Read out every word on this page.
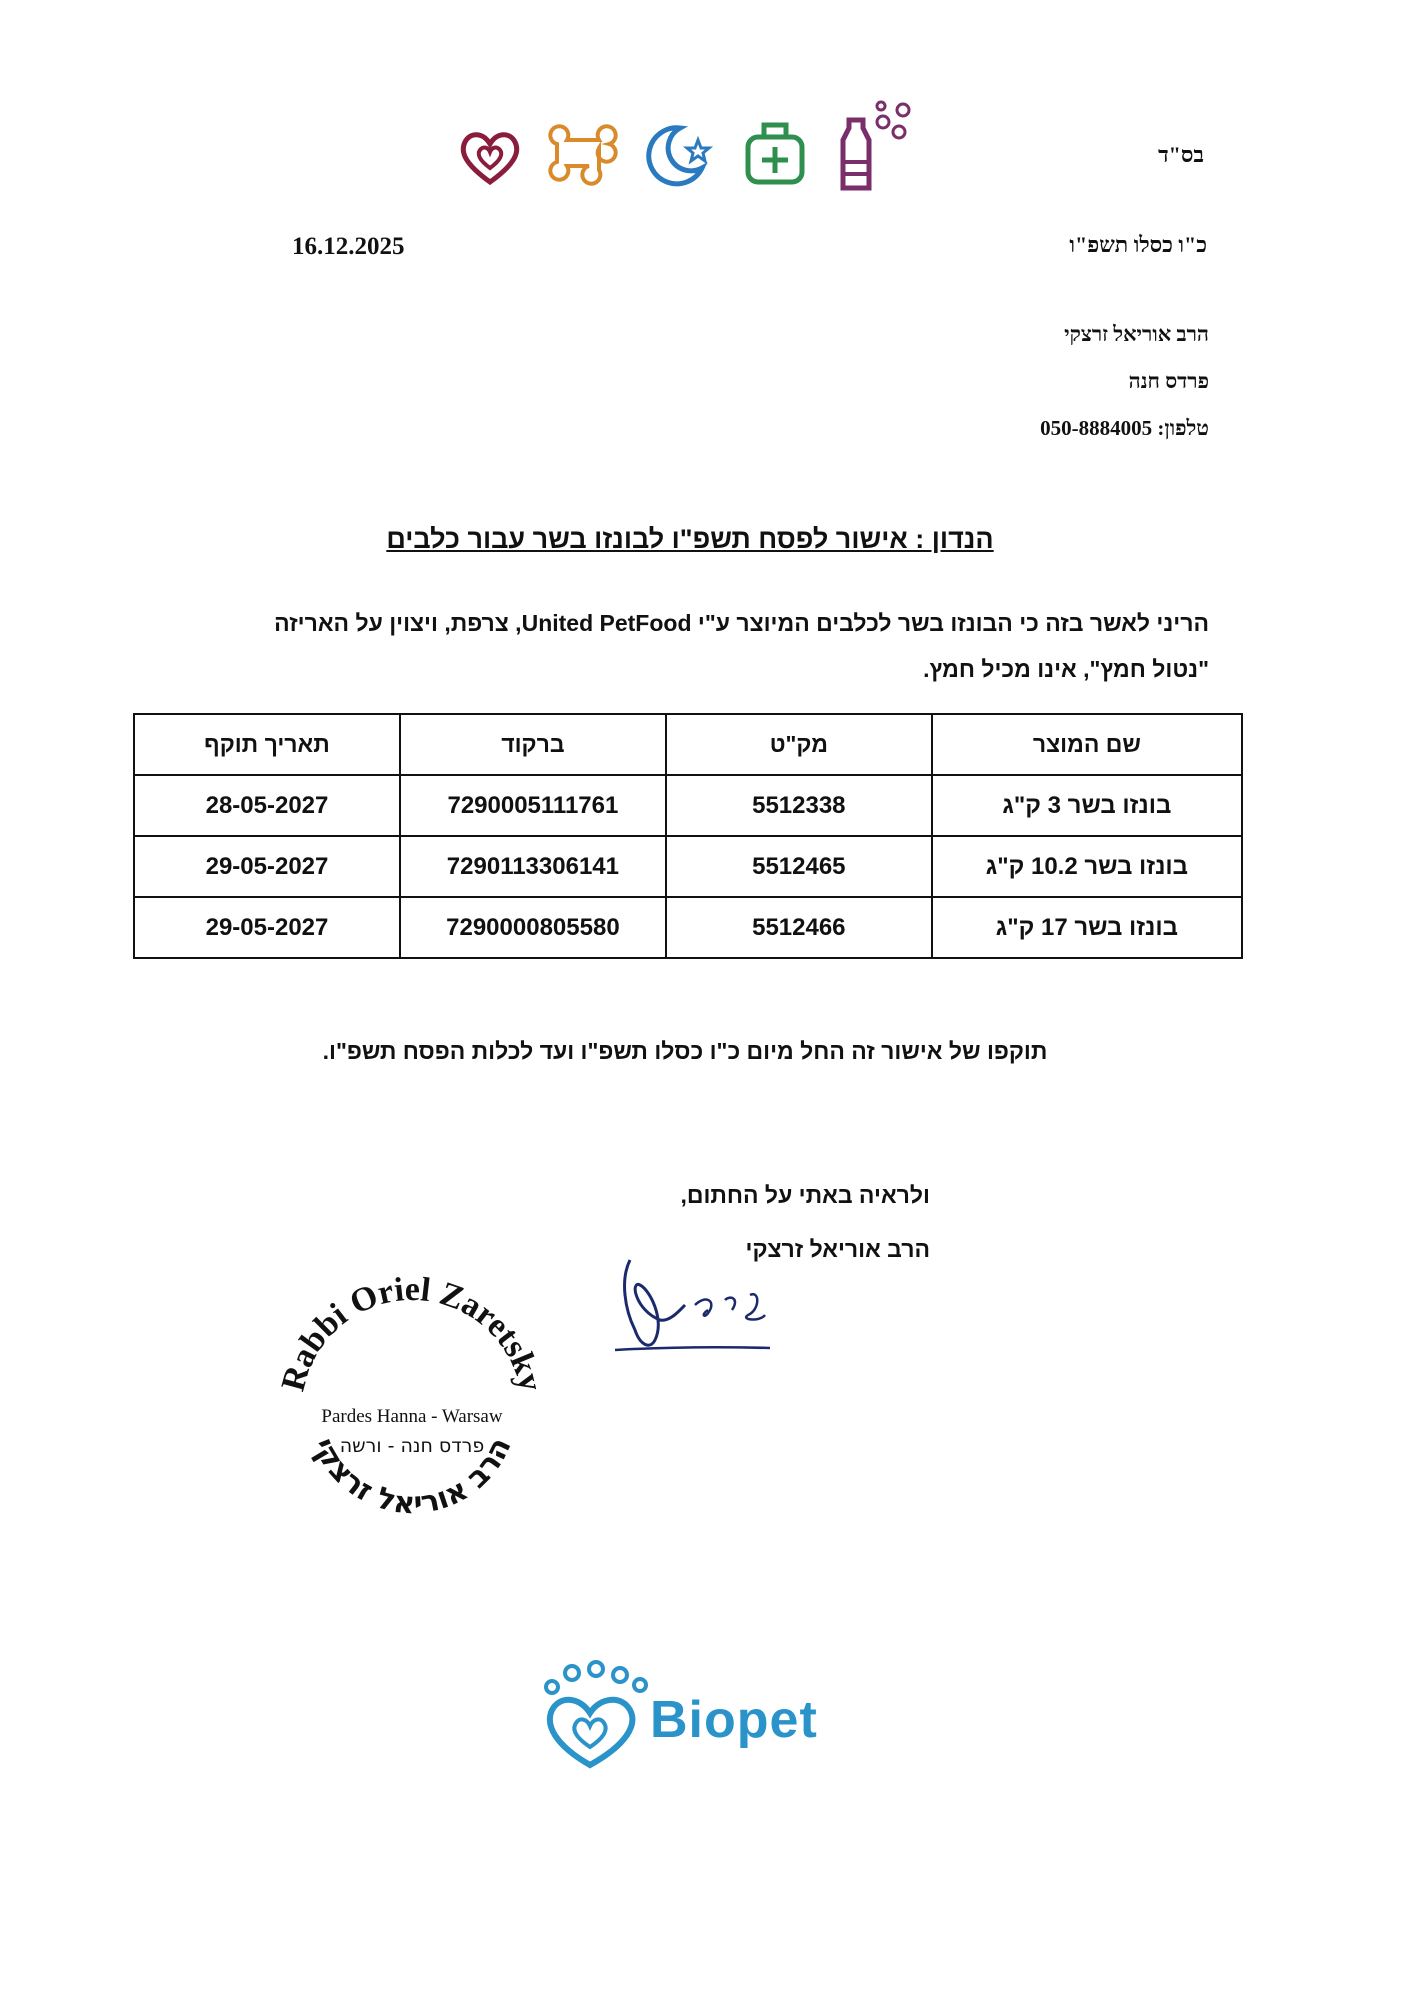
בס"ד
כ"ו כסלו תשפ"ו
16.12.2025
הרב אוריאל זרצקי
פרדס חנה
טלפון: 050-8884005
הנדון : אישור לפסח תשפ"ו לבונזו בשר עבור כלבים
הריני לאשר בזה כי הבונזו בשר לכלבים המיוצר ע"י United PetFood, צרפת, ויצוין על האריזה
"נטול חמץ", אינו מכיל חמץ.
שם המוצר	מק"ט	ברקוד	תאריך תוקף
בונזו בשר 3 ק"ג	5512338	7290005111761	28-05-2027
בונזו בשר 10.2 ק"ג	5512465	7290113306141	29-05-2027
בונזו בשר 17 ק"ג	5512466	7290000805580	29-05-2027
תוקפו של אישור זה החל מיום כ"ו כסלו תשפ"ו ועד לכלות הפסח תשפ"ו.
ולראיה באתי על החתום,
הרב אוריאל זרצקי
Rabbi Oriel Zaretsky
Pardes Hanna - Warsaw
פרדס חנה - ורשה
הרב אוריאל זרצקי
Biopet
